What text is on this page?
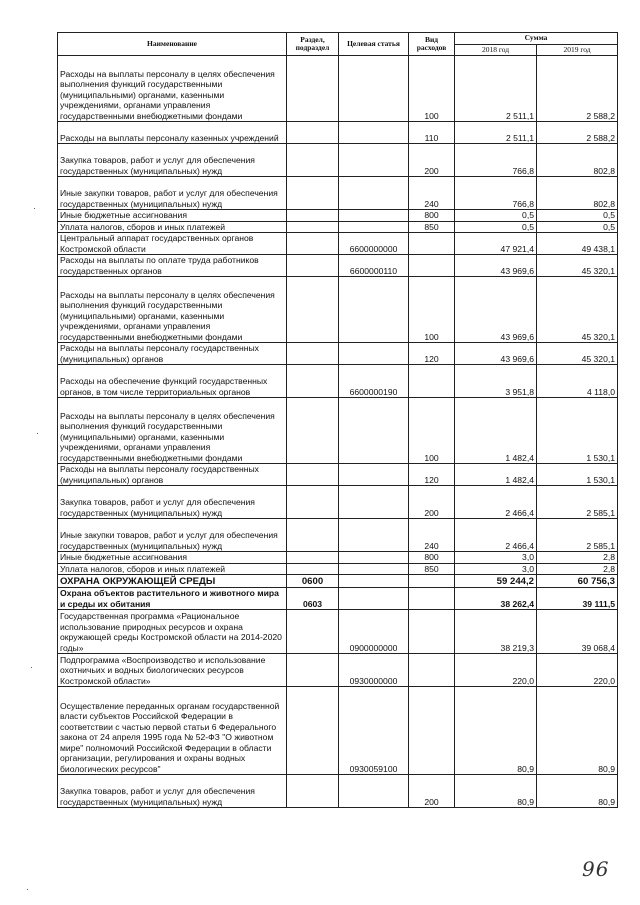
Наименование	Раздел, подраздел	Целевая статья	Вид расходов	Сумма	
				2018 год	2019 год
Расходы на выплаты персоналу в целях обеспечения выполнения функций государственными (муниципальными) органами, казенными учреждениями, органами управления государственными внебюджетными фондами			100	2 511,1	2 588,2
Расходы на выплаты персоналу казенных учреждений			110	2 511,1	2 588,2
Закупка товаров, работ и услуг для обеспечения государственных (муниципальных) нужд			200	766,8	802,8
Иные закупки товаров, работ и услуг для обеспечения государственных (муниципальных) нужд			240	766,8	802,8
Иные бюджетные ассигнования			800	0,5	0,5
Уплата налогов, сборов и иных платежей			850	0,5	0,5
Центральный аппарат государственных органов Костромской области		6600000000		47 921,4	49 438,1
Расходы на выплаты по оплате труда работников государственных органов		6600000110		43 969,6	45 320,1
Расходы на выплаты персоналу в целях обеспечения выполнения функций государственными (муниципальными) органами, казенными учреждениями, органами управления государственными внебюджетными фондами			100	43 969,6	45 320,1
Расходы на выплаты персоналу государственных (муниципальных) органов			120	43 969,6	45 320,1
Расходы на обеспечение функций государственных органов, в том числе территориальных органов		6600000190		3 951,8	4 118,0
Расходы на выплаты персоналу в целях обеспечения выполнения функций государственными (муниципальными) органами, казенными учреждениями, органами управления государственными внебюджетными фондами			100	1 482,4	1 530,1
Расходы на выплаты персоналу государственных (муниципальных) органов			120	1 482,4	1 530,1
Закупка товаров, работ и услуг для обеспечения государственных (муниципальных) нужд			200	2 466,4	2 585,1
Иные закупки товаров, работ и услуг для обеспечения государственных (муниципальных) нужд			240	2 466,4	2 585,1
Иные бюджетные ассигнования			800	3,0	2,8
Уплата налогов, сборов и иных платежей			850	3,0	2,8
ОХРАНА ОКРУЖАЮЩЕЙ СРЕДЫ	0600			59 244,2	60 756,3
Охрана объектов растительного и животного мира и среды их обитания	0603			38 262,4	39 111,5
Государственная программа «Рациональное использование природных ресурсов и охрана окружающей среды Костромской области на 2014-2020 годы»		0900000000		38 219,3	39 068,4
Подпрограмма «Воспроизводство и использование охотничьих и водных биологических ресурсов Костромской области»		0930000000		220,0	220,0
Осуществление переданных органам государственной власти субъектов Российской Федерации в соответствии с частью первой статьи 6 Федерального закона от 24 апреля 1995 года № 52-ФЗ "О животном мире" полномочий Российской Федерации в области организации, регулирования и охраны водных биологических ресурсов"		0930059100		80,9	80,9
Закупка товаров, работ и услуг для обеспечения государственных (муниципальных) нужд			200	80,9	80,9
·
·
·
·
96
